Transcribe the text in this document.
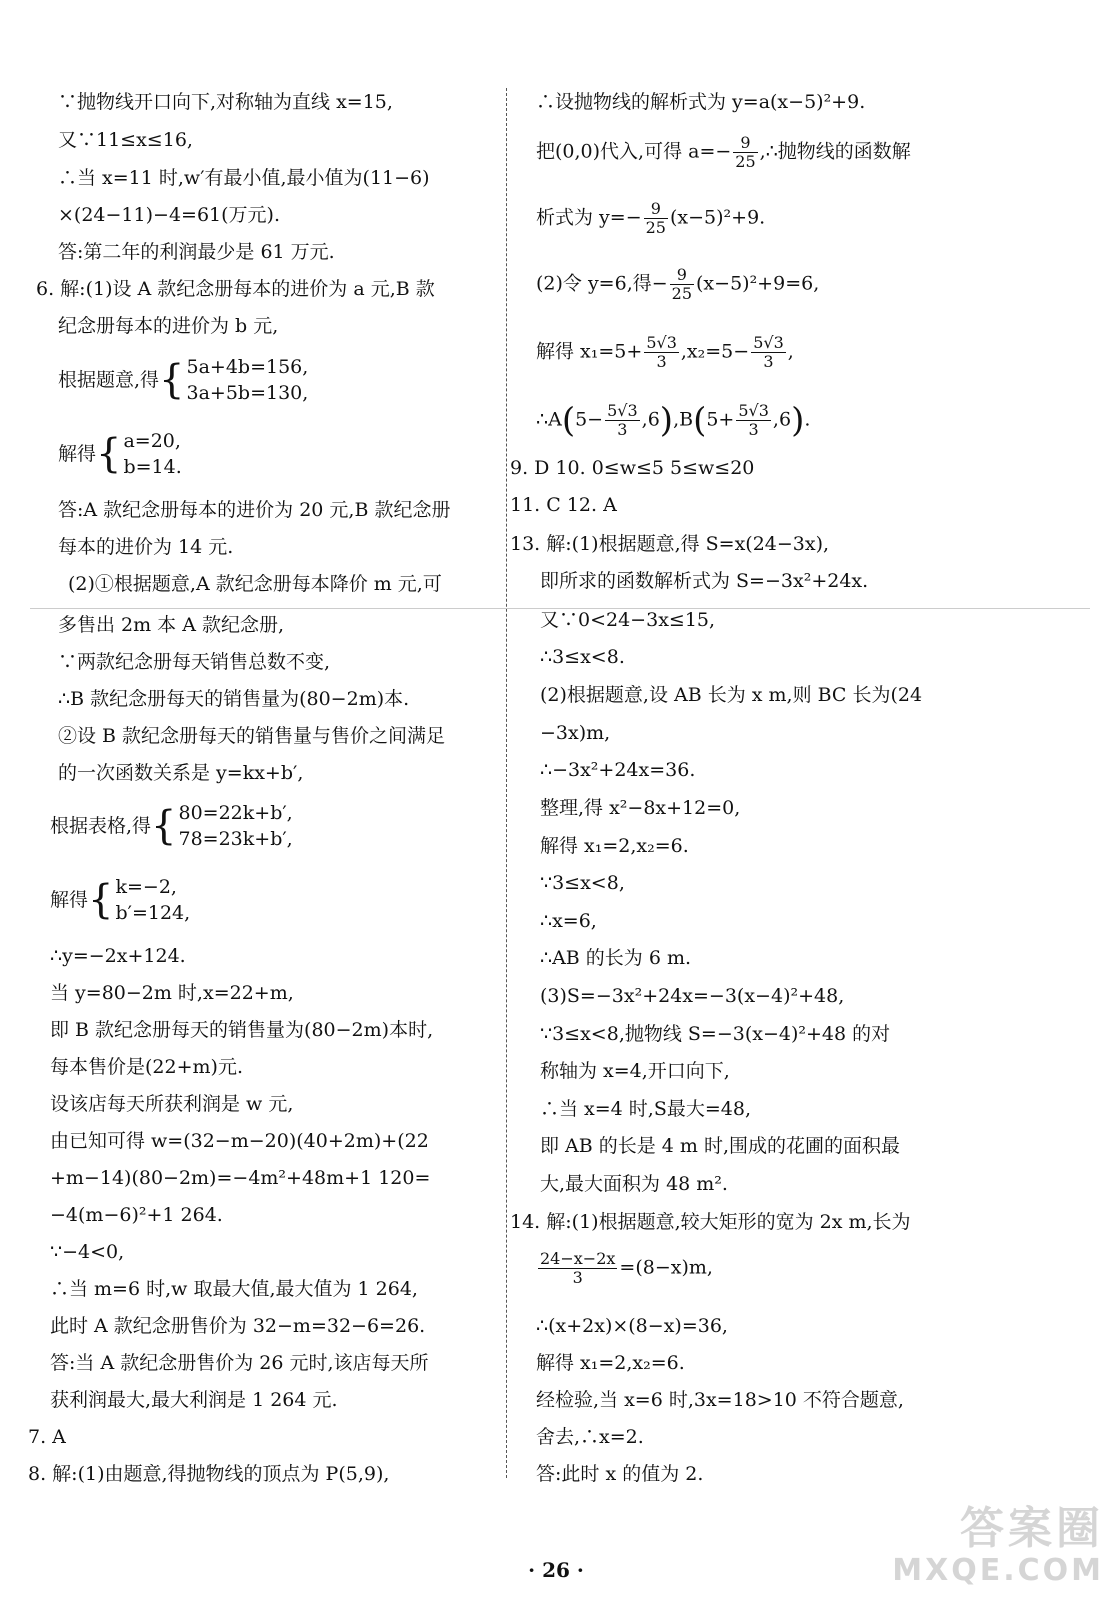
∵抛物线开口向下,对称轴为直线 x=15,
又∵11≤x≤16,
∴当 x=11 时,w′有最小值,最小值为(11−6)
×(24−11)−4=61(万元).
答:第二年的利润最少是 61 万元.
6. 解:(1)设 A 款纪念册每本的进价为 a 元,B 款
纪念册每本的进价为 b 元,
根据题意,得{ 5a+4b=156,
3a+5b=130,
解得{ a=20,
b=14.
答:A 款纪念册每本的进价为 20 元,B 款纪念册
每本的进价为 14 元.
(2)①根据题意,A 款纪念册每本降价 m 元,可
多售出 2m 本 A 款纪念册,
∵两款纪念册每天销售总数不变,
∴B 款纪念册每天的销售量为(80−2m)本.
②设 B 款纪念册每天的销售量与售价之间满足
的一次函数关系是 y=kx+b′,
根据表格,得{ 80=22k+b′,
78=23k+b′,
解得{ k=−2,
b′=124,
∴y=−2x+124.
当 y=80−2m 时,x=22+m,
即 B 款纪念册每天的销售量为(80−2m)本时,
每本售价是(22+m)元.
设该店每天所获利润是 w 元,
由已知可得 w=(32−m−20)(40+2m)+(22
+m−14)(80−2m)=−4m²+48m+1 120=
−4(m−6)²+1 264.
∵−4<0,
∴当 m=6 时,w 取最大值,最大值为 1 264,
此时 A 款纪念册售价为 32−m=32−6=26.
答:当 A 款纪念册售价为 26 元时,该店每天所
获利润最大,最大利润是 1 264 元.
7. A
8. 解:(1)由题意,得抛物线的顶点为 P(5,9),
∴设抛物线的解析式为 y=a(x−5)²+9.
把(0,0)代入,可得 $a=- \frac{9}{25}$ ,∴抛物线的函数解
析式为 $y=- \frac{9}{25} (x-5)^2+9$.
(2)令 y=6,得− $\frac{9}{25} (x-5)^2+9=6$,
解得 $x_1=5+ \frac{5√3}{3} ,x_2=5- \frac{5√3}{3}$ ,
∴A(5− $\frac{5√3}{3} ,6),B(5+ \frac{5√3}{3} ,6)$.
9. D 10. 0≤w≤5 5≤w≤20
11. C 12. A
13. 解:(1)根据题意,得 S=x(24−3x),
即所求的函数解析式为 S=−3x²+24x.
又∵0<24−3x≤15,
∴3≤x<8.
(2)根据题意,设 AB 长为 x m,则 BC 长为(24
−3x)m,
∴−3x²+24x=36.
整理,得 x²−8x+12=0,
解得 x₁=2,x₂=6.
∵3≤x<8,
∴x=6,
∴AB 的长为 6 m.
(3)S=−3x²+24x=−3(x−4)²+48,
∵3≤x<8,抛物线 S=−3(x−4)²+48 的对
称轴为 x=4,开口向下,
∴当 x=4 时,S最大=48,
即 AB 的长是 4 m 时,围成的花圃的面积最
大,最大面积为 48 m².
14. 解:(1)根据题意,较大矩形的宽为 2x m,长为
$\frac{24-x-2x}{3} =(8-x)m$,
∴(x+2x)×(8−x)=36,
解得 x₁=2,x₂=6.
经检验,当 x=6 时,3x=18>10 不符合题意,
舍去,∴x=2.
答:此时 x 的值为 2.
· 26 ·
答案圈
MXQE.COM
